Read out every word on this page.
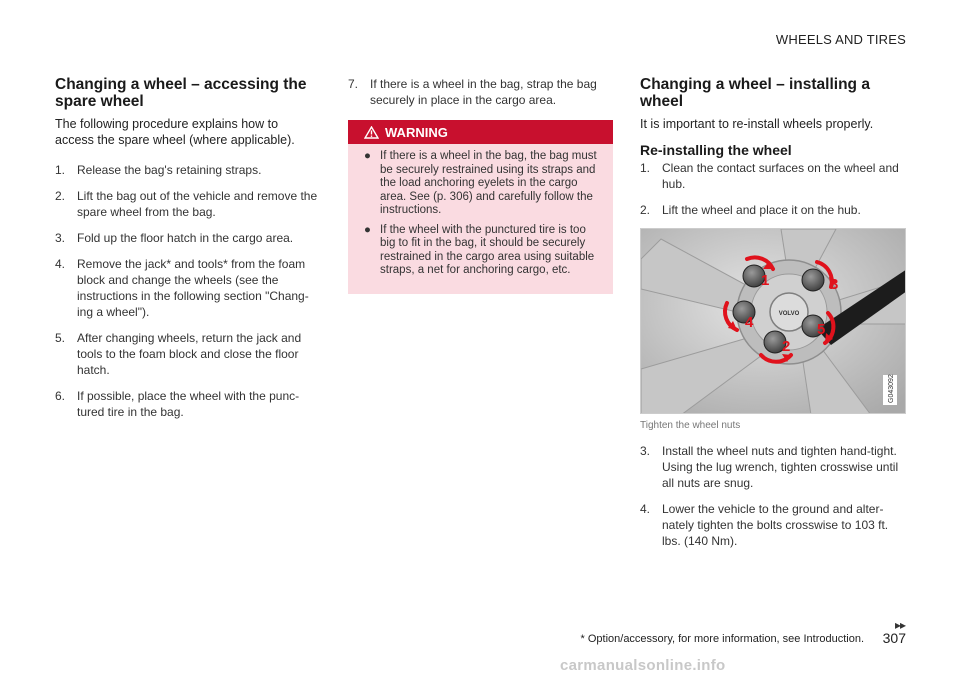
WHEELS AND TIRES
Changing a wheel – accessing the spare wheel

The following procedure explains how to access the spare wheel (where applicable).

1. Release the bag's retaining straps.
2. Lift the bag out of the vehicle and remove the spare wheel from the bag.
3. Fold up the floor hatch in the cargo area.
4. Remove the jack* and tools* from the foam block and change the wheels (see the instructions in the following section "Chang-ing a wheel").
5. After changing wheels, return the jack and tools to the foam block and close the floor hatch.
6. If possible, place the wheel with the punc-tured tire in the bag.
7. If there is a wheel in the bag, strap the bag securely in place in the cargo area.
WARNING
● If there is a wheel in the bag, the bag must be securely restrained using its straps and the load anchoring eyelets in the cargo area. See (p. 306) and carefully follow the instructions.
● If the wheel with the punctured tire is too big to fit in the bag, it should be securely restrained in the cargo area using suitable straps, a net for anchoring cargo, etc.
Changing a wheel – installing a wheel

It is important to re-install wheels properly.

Re-installing the wheel
1. Clean the contact surfaces on the wheel and hub.
2. Lift the wheel and place it on the hub.
VOLVO
1
2
3
4	5
G043092
Tighten the wheel nuts
3. Install the wheel nuts and tighten hand-tight. Using the lug wrench, tighten crosswise until all nuts are snug.
4. Lower the vehicle to the ground and alter-nately tighten the bolts crosswise to 103 ft. lbs. (140 Nm).
▸▸
* Option/accessory, for more information, see Introduction. 307
carmanualsonline.info
